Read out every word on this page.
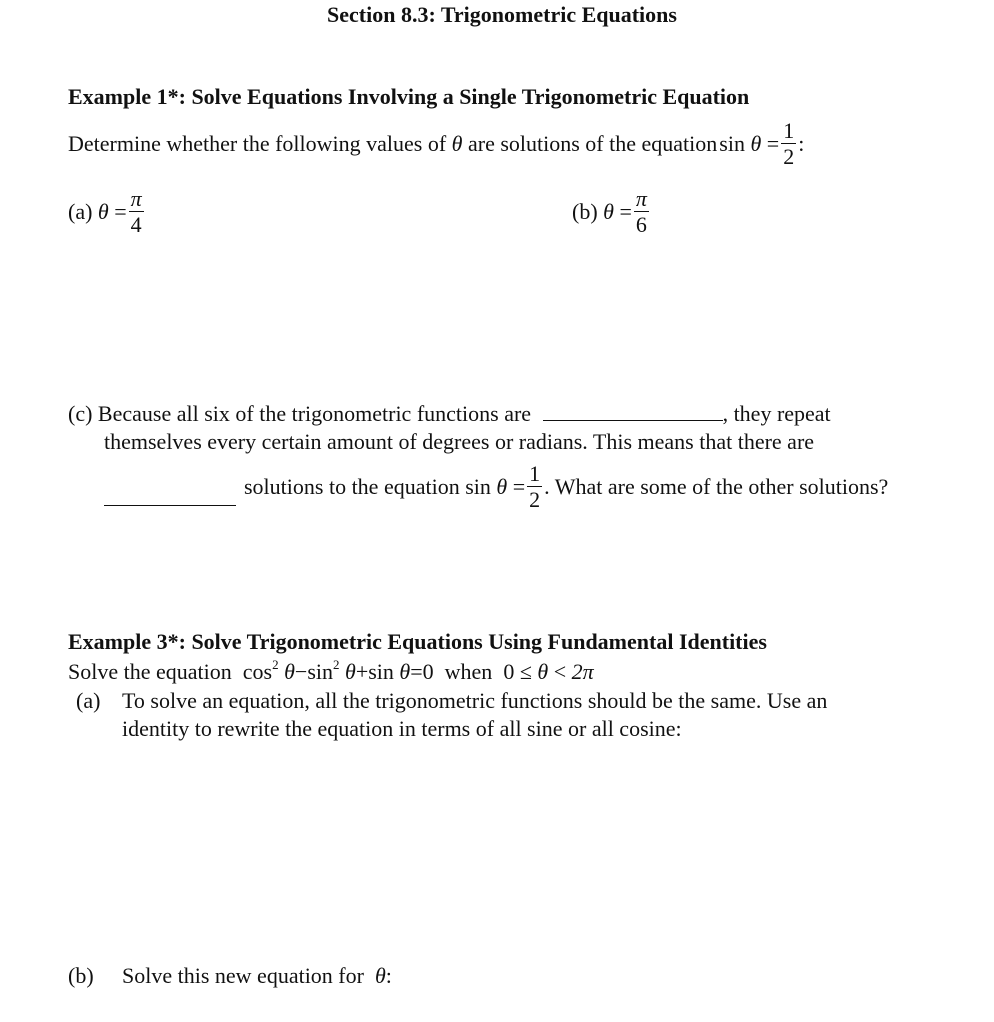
Section 8.3: Trigonometric Equations
Example 1*: Solve Equations Involving a Single Trigonometric Equation
Determine whether the following values of
θ
are solutions of the equation sin
θ
= $\frac{1}{2}$ :
(a)
θ
= $\frac{\pi}{4}$	(b)
θ
= $\frac{\pi}{6}$
(c) Because all six of the trigonometric functions are	, they repeat
themselves every certain amount of degrees or radians. This means that there are
solutions to the equation
sin
θ
= $\frac{1}{2}$ . What are some of the other solutions?
Example 3*: Solve Trigonometric Equations Using Fundamental Identities
Solve the equation $\cos^2 \theta-\sin^2$ θ+sin θ=0 when 0 ≤ θ < 2π
(a) To solve an equation, all the trigonometric functions should be the same. Use an
identity to rewrite the equation in terms of all sine or all cosine:
(b) Solve this new equation for θ:
